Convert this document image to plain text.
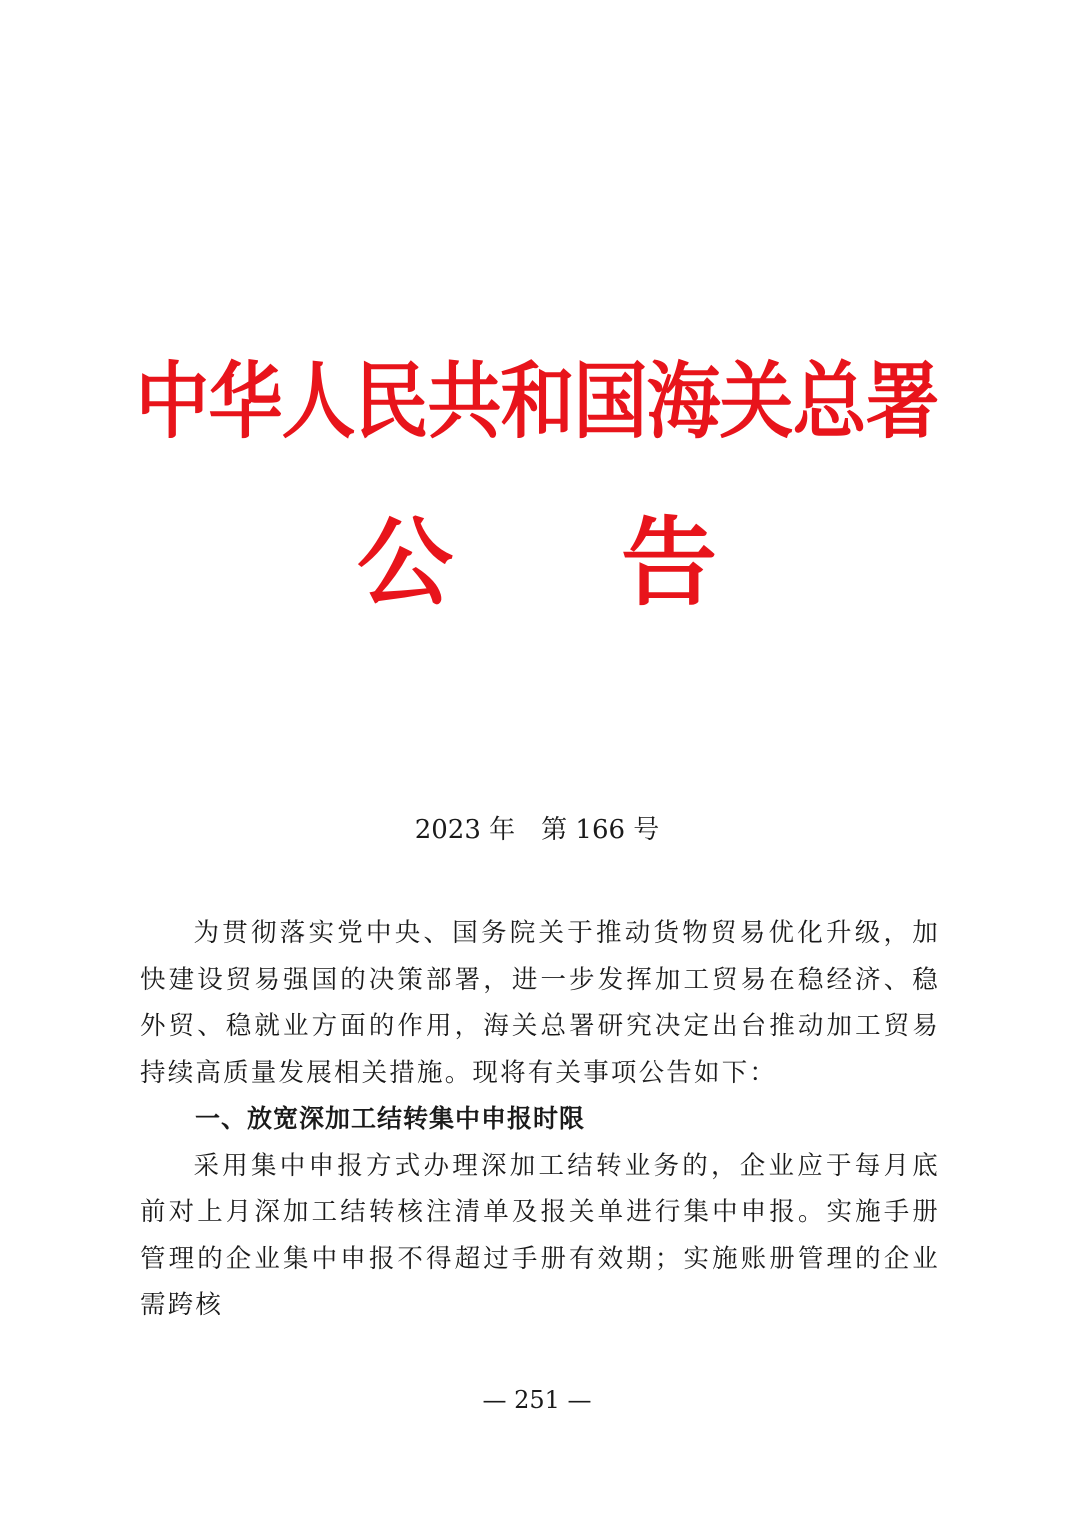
中华人民共和国海关总署
公 告
2023 年　第 166 号

为贯彻落实党中央、国务院关于推动货物贸易优化升级，加快建设贸易强国的决策部署，进一步发挥加工贸易在稳经济、稳外贸、稳就业方面的作用，海关总署研究决定出台推动加工贸易持续高质量发展相关措施。现将有关事项公告如下：

一、放宽深加工结转集中申报时限

采用集中申报方式办理深加工结转业务的，企业应于每月底前对上月深加工结转核注清单及报关单进行集中申报。实施手册管理的企业集中申报不得超过手册有效期；实施账册管理的企业需跨核

— 251 —
